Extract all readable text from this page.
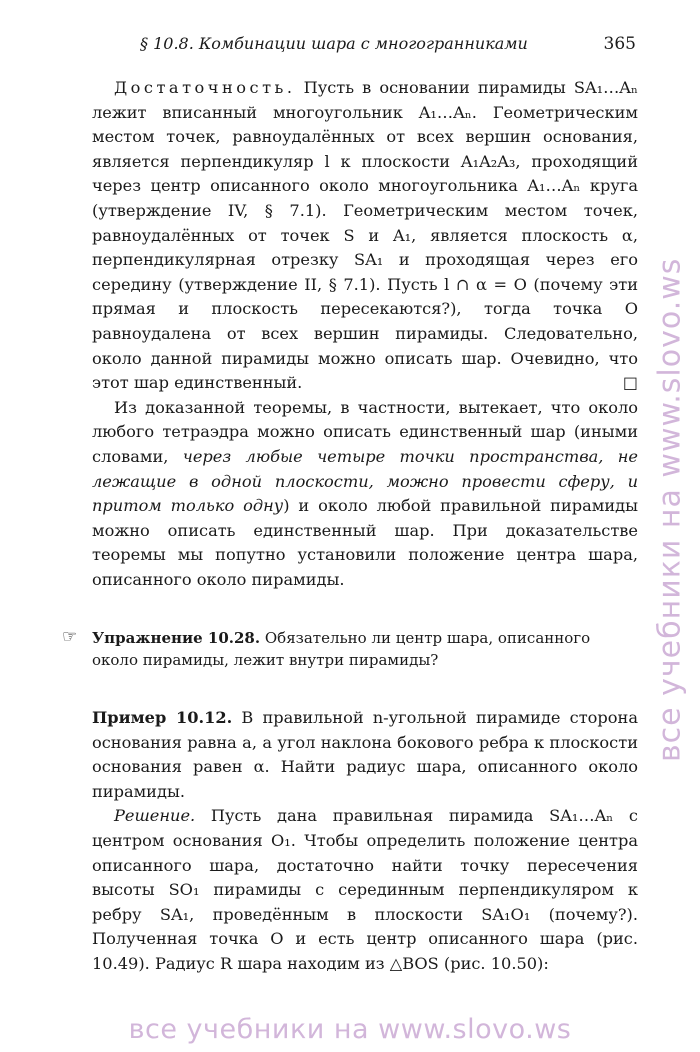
§ 10.8. Комбинации шара с многогранниками	365

Достаточность. Пусть в основании пирамиды SA₁…Aₙ лежит вписанный многоугольник A₁…Aₙ. Геометрическим местом точек, равноудалённых от всех вершин основания, является перпендикуляр l к плоскости A₁A₂A₃, проходящий через центр описанного около многоугольника A₁…Aₙ круга (утверждение IV, § 7.1). Геометрическим местом точек, равноудалённых от точек S и A₁, является плоскость α, перпендикулярная отрезку SA₁ и проходящая через его середину (утверждение II, § 7.1). Пусть l ∩ α = O (почему эти прямая и плоскость пересекаются?), тогда точка O равноудалена от всех вершин пирамиды. Следовательно, около данной пирамиды можно описать шар. Очевидно, что этот шар единственный.	□

Из доказанной теоремы, в частности, вытекает, что около любого тетраэдра можно описать единственный шар (иными словами, через любые четыре точки пространства, не лежащие в одной плоскости, можно провести сферу, и притом только одну) и около любой правильной пирамиды можно описать единственный шар. При доказательстве теоремы мы попутно установили положение центра шара, описанного около пирамиды.

☞ Упражнение 10.28. Обязательно ли центр шара, описанного около пирамиды, лежит внутри пирамиды?

Пример 10.12. В правильной n-угольной пирамиде сторона основания равна a, а угол наклона бокового ребра к плоскости основания равен α. Найти радиус шара, описанного около пирамиды.

Решение. Пусть дана правильная пирамида SA₁…Aₙ с центром основания O₁. Чтобы определить положение центра описанного шара, достаточно найти точку пересечения высоты SO₁ пирамиды с серединным перпендикуляром к ребру SA₁, проведённым в плоскости SA₁O₁ (почему?). Полученная точка O и есть центр описанного шара (рис. 10.49). Радиус R шара находим из △BOS (рис. 10.50):

все учебники на www.slovo.ws
все учебники на www.slovo.ws
